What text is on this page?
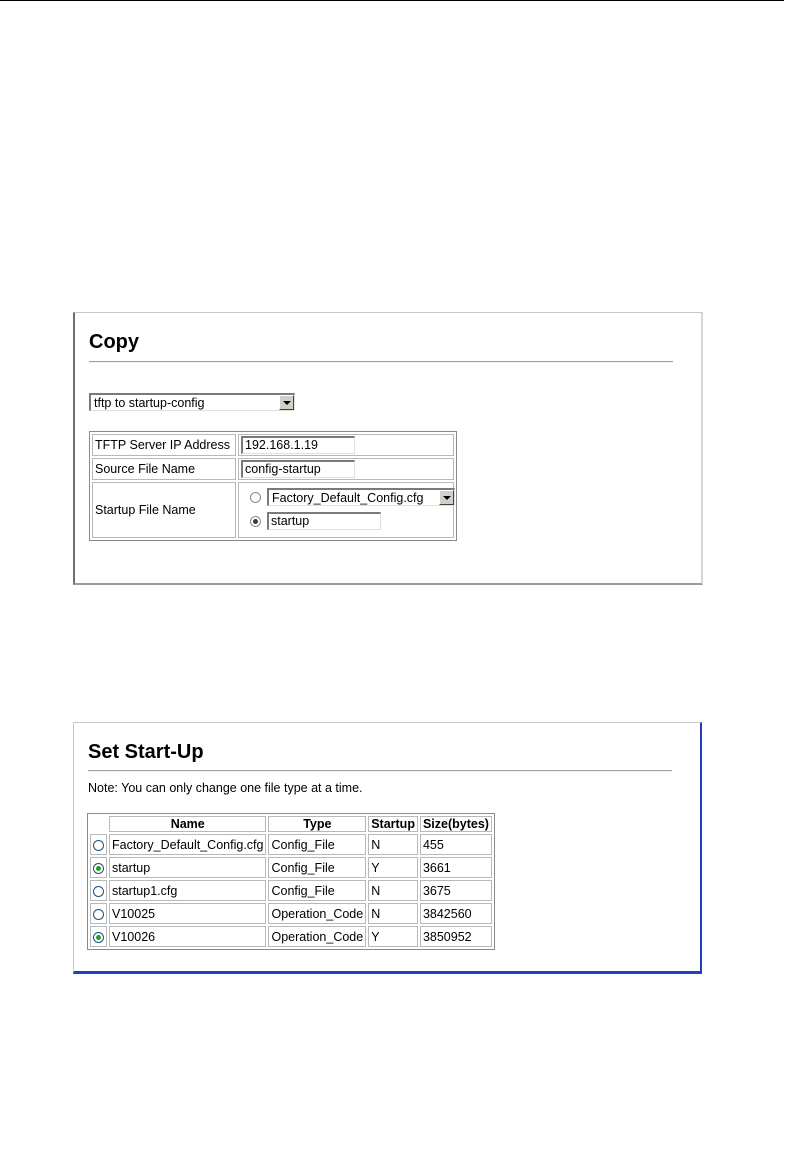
Copy
tftp to startup-config
TFTP Server IP Address	192.168.1.19
Source File Name	config-startup
Startup File Name	Factory_Default_Config.cfg
startup
Set Start-Up
Note: You can only change one file type at a time.
	Name	Type	Startup	Size(bytes)
	Factory_Default_Config.cfg	Config_File	N	455

	startup	Config_File	Y	3661
	startup1.cfg	Config_File	N	3675
	V10025	Operation_Code	N	3842560

	V10026	Operation_Code	Y	3850952
